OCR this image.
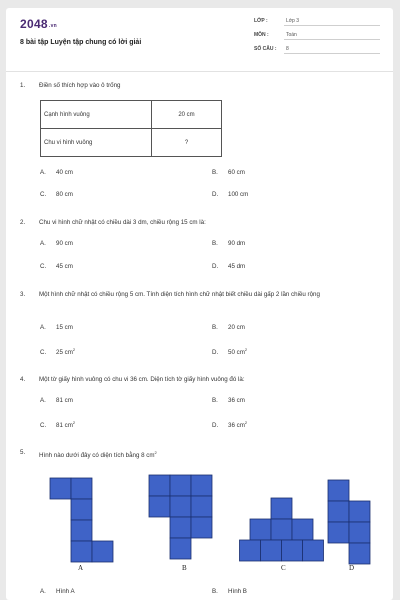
2048.vn
8 bài tập Luyện tập chung có lời giải
LỚP :	Lớp 3
MÔN :	Toán
SỐ CÂU :	8
1. Điền số thích hợp vào ô trống
Cạnh hình vuông	20 cm
Chu vi hình vuông	?
A. 40 cm	B. 60 cm
C. 80 cm	D. 100 cm
2. Chu vi hình chữ nhật có chiều dài 3 dm, chiều rộng 15 cm là:
A. 90 cm	B. 90 dm
C. 45 cm	D. 45 dm
3. Một hình chữ nhật có chiều rộng 5 cm. Tính diện tích hình chữ nhật biết chiều dài gấp 2 lần chiều rộng
A. 15 cm	B. 20 cm
C. 25 $cm^2$	D. 50 $cm^2$
4. Một tờ giấy hình vuông có chu vi 36 cm. Diện tích tờ giấy hình vuông đó là:
A. 81 cm	B. 36 cm
C. 81 $cm^2$	D. 36 $cm^2$
5. Hình nào dưới đây có diện tích bằng 8 $cm^2$
A	B	C	D
A. Hình A	B. Hình B
